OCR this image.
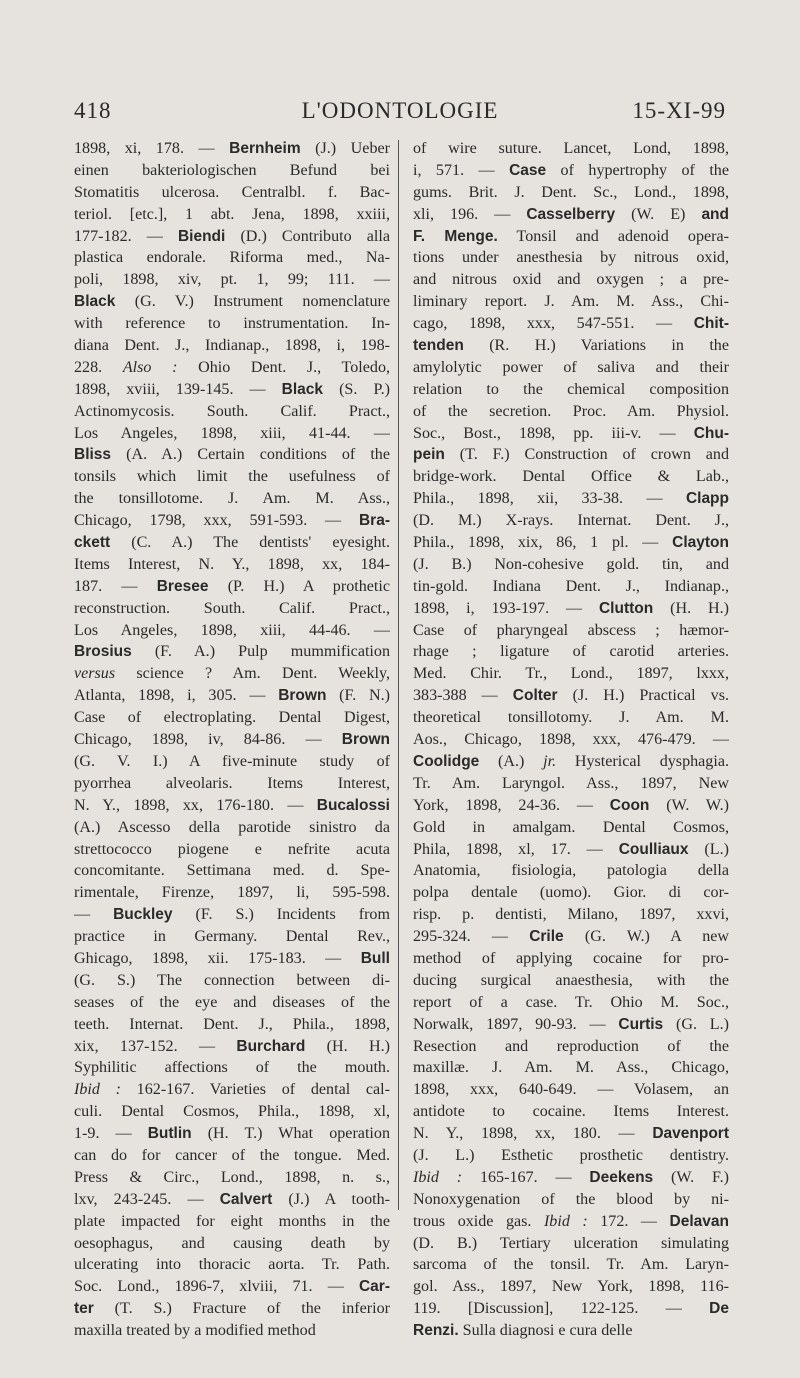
418	L'ODONTOLOGIE	15-XI-99
1898, xi, 178. — Bernheim (J.) Ueber
einen bakteriologischen Befund bei
Stomatitis ulcerosa. Centralbl. f. Bac-
teriol. [etc.], 1 abt. Jena, 1898, xxiii,
177-182. — Biendi (D.) Contributo alla
plastica endorale. Riforma med., Na-
poli, 1898, xiv, pt. 1, 99; 111. —
Black (G. V.) Instrument nomenclature
with reference to instrumentation. In-
diana Dent. J., Indianap., 1898, i, 198-
228. Also : Ohio Dent. J., Toledo,
1898, xviii, 139-145. — Black (S. P.)
Actinomycosis. South. Calif. Pract.,
Los Angeles, 1898, xiii, 41-44. —
Bliss (A. A.) Certain conditions of the
tonsils which limit the usefulness of
the tonsillotome. J. Am. M. Ass.,
Chicago, 1798, xxx, 591-593. — Bra-
ckett (C. A.) The dentists' eyesight.
Items Interest, N. Y., 1898, xx, 184-
187. — Bresee (P. H.) A prothetic
reconstruction. South. Calif. Pract.,
Los Angeles, 1898, xiii, 44-46. —
Brosius (F. A.) Pulp mummification
versus science ? Am. Dent. Weekly,
Atlanta, 1898, i, 305. — Brown (F. N.)
Case of electroplating. Dental Digest,
Chicago, 1898, iv, 84-86. — Brown
(G. V. I.) A five-minute study of
pyorrhea alveolaris. Items Interest,
N. Y., 1898, xx, 176-180. — Bucalossi
(A.) Ascesso della parotide sinistro da
strettococco piogene e nefrite acuta
concomitante. Settimana med. d. Spe-
rimentale, Firenze, 1897, li, 595-598.
— Buckley (F. S.) Incidents from
practice in Germany. Dental Rev.,
Ghicago, 1898, xii. 175-183. — Bull
(G. S.) The connection between di-
seases of the eye and diseases of the
teeth. Internat. Dent. J., Phila., 1898,
xix, 137-152. — Burchard (H. H.)
Syphilitic affections of the mouth.
Ibid : 162-167. Varieties of dental cal-
culi. Dental Cosmos, Phila., 1898, xl,
1-9. — Butlin (H. T.) What operation
can do for cancer of the tongue. Med.
Press & Circ., Lond., 1898, n. s.,
lxv, 243-245. — Calvert (J.) A tooth-
plate impacted for eight months in the
oesophagus, and causing death by
ulcerating into thoracic aorta. Tr. Path.
Soc. Lond., 1896-7, xlviii, 71. — Car-
ter (T. S.) Fracture of the inferior
maxilla treated by a modified method
of wire suture. Lancet, Lond, 1898,
i, 571. — Case of hypertrophy of the
gums. Brit. J. Dent. Sc., Lond., 1898,
xli, 196. — Casselberry (W. E) and
F. Menge. Tonsil and adenoid opera-
tions under anesthesia by nitrous oxid,
and nitrous oxid and oxygen ; a pre-
liminary report. J. Am. M. Ass., Chi-
cago, 1898, xxx, 547-551. — Chit-
tenden (R. H.) Variations in the
amylolytic power of saliva and their
relation to the chemical composition
of the secretion. Proc. Am. Physiol.
Soc., Bost., 1898, pp. iii-v. — Chu-
pein (T. F.) Construction of crown and
bridge-work. Dental Office & Lab.,
Phila., 1898, xii, 33-38. — Clapp
(D. M.) X-rays. Internat. Dent. J.,
Phila., 1898, xix, 86, 1 pl. — Clayton
(J. B.) Non-cohesive gold. tin, and
tin-gold. Indiana Dent. J., Indianap.,
1898, i, 193-197. — Clutton (H. H.)
Case of pharyngeal abscess ; hæmor-
rhage ; ligature of carotid arteries.
Med. Chir. Tr., Lond., 1897, lxxx,
383-388 — Colter (J. H.) Practical vs.
theoretical tonsillotomy. J. Am. M.
Aos., Chicago, 1898, xxx, 476-479. —
Coolidge (A.) jr. Hysterical dysphagia.
Tr. Am. Laryngol. Ass., 1897, New
York, 1898, 24-36. — Coon (W. W.)
Gold in amalgam. Dental Cosmos,
Phila, 1898, xl, 17. — Coulliaux (L.)
Anatomia, fisiologia, patologia della
polpa dentale (uomo). Gior. di cor-
risp. p. dentisti, Milano, 1897, xxvi,
295-324. — Crile (G. W.) A new
method of applying cocaine for pro-
ducing surgical anaesthesia, with the
report of a case. Tr. Ohio M. Soc.,
Norwalk, 1897, 90-93. — Curtis (G. L.)
Resection and reproduction of the
maxillæ. J. Am. M. Ass., Chicago,
1898, xxx, 640-649. — Volasem, an
antidote to cocaine. Items Interest.
N. Y., 1898, xx, 180. — Davenport
(J. L.) Esthetic prosthetic dentistry.
Ibid : 165-167. — Deekens (W. F.)
Nonoxygenation of the blood by ni-
trous oxide gas. Ibid : 172. — Delavan
(D. B.) Tertiary ulceration simulating
sarcoma of the tonsil. Tr. Am. Laryn-
gol. Ass., 1897, New York, 1898, 116-
119. [Discussion], 122-125. — De
Renzi. Sulla diagnosi e cura delle
